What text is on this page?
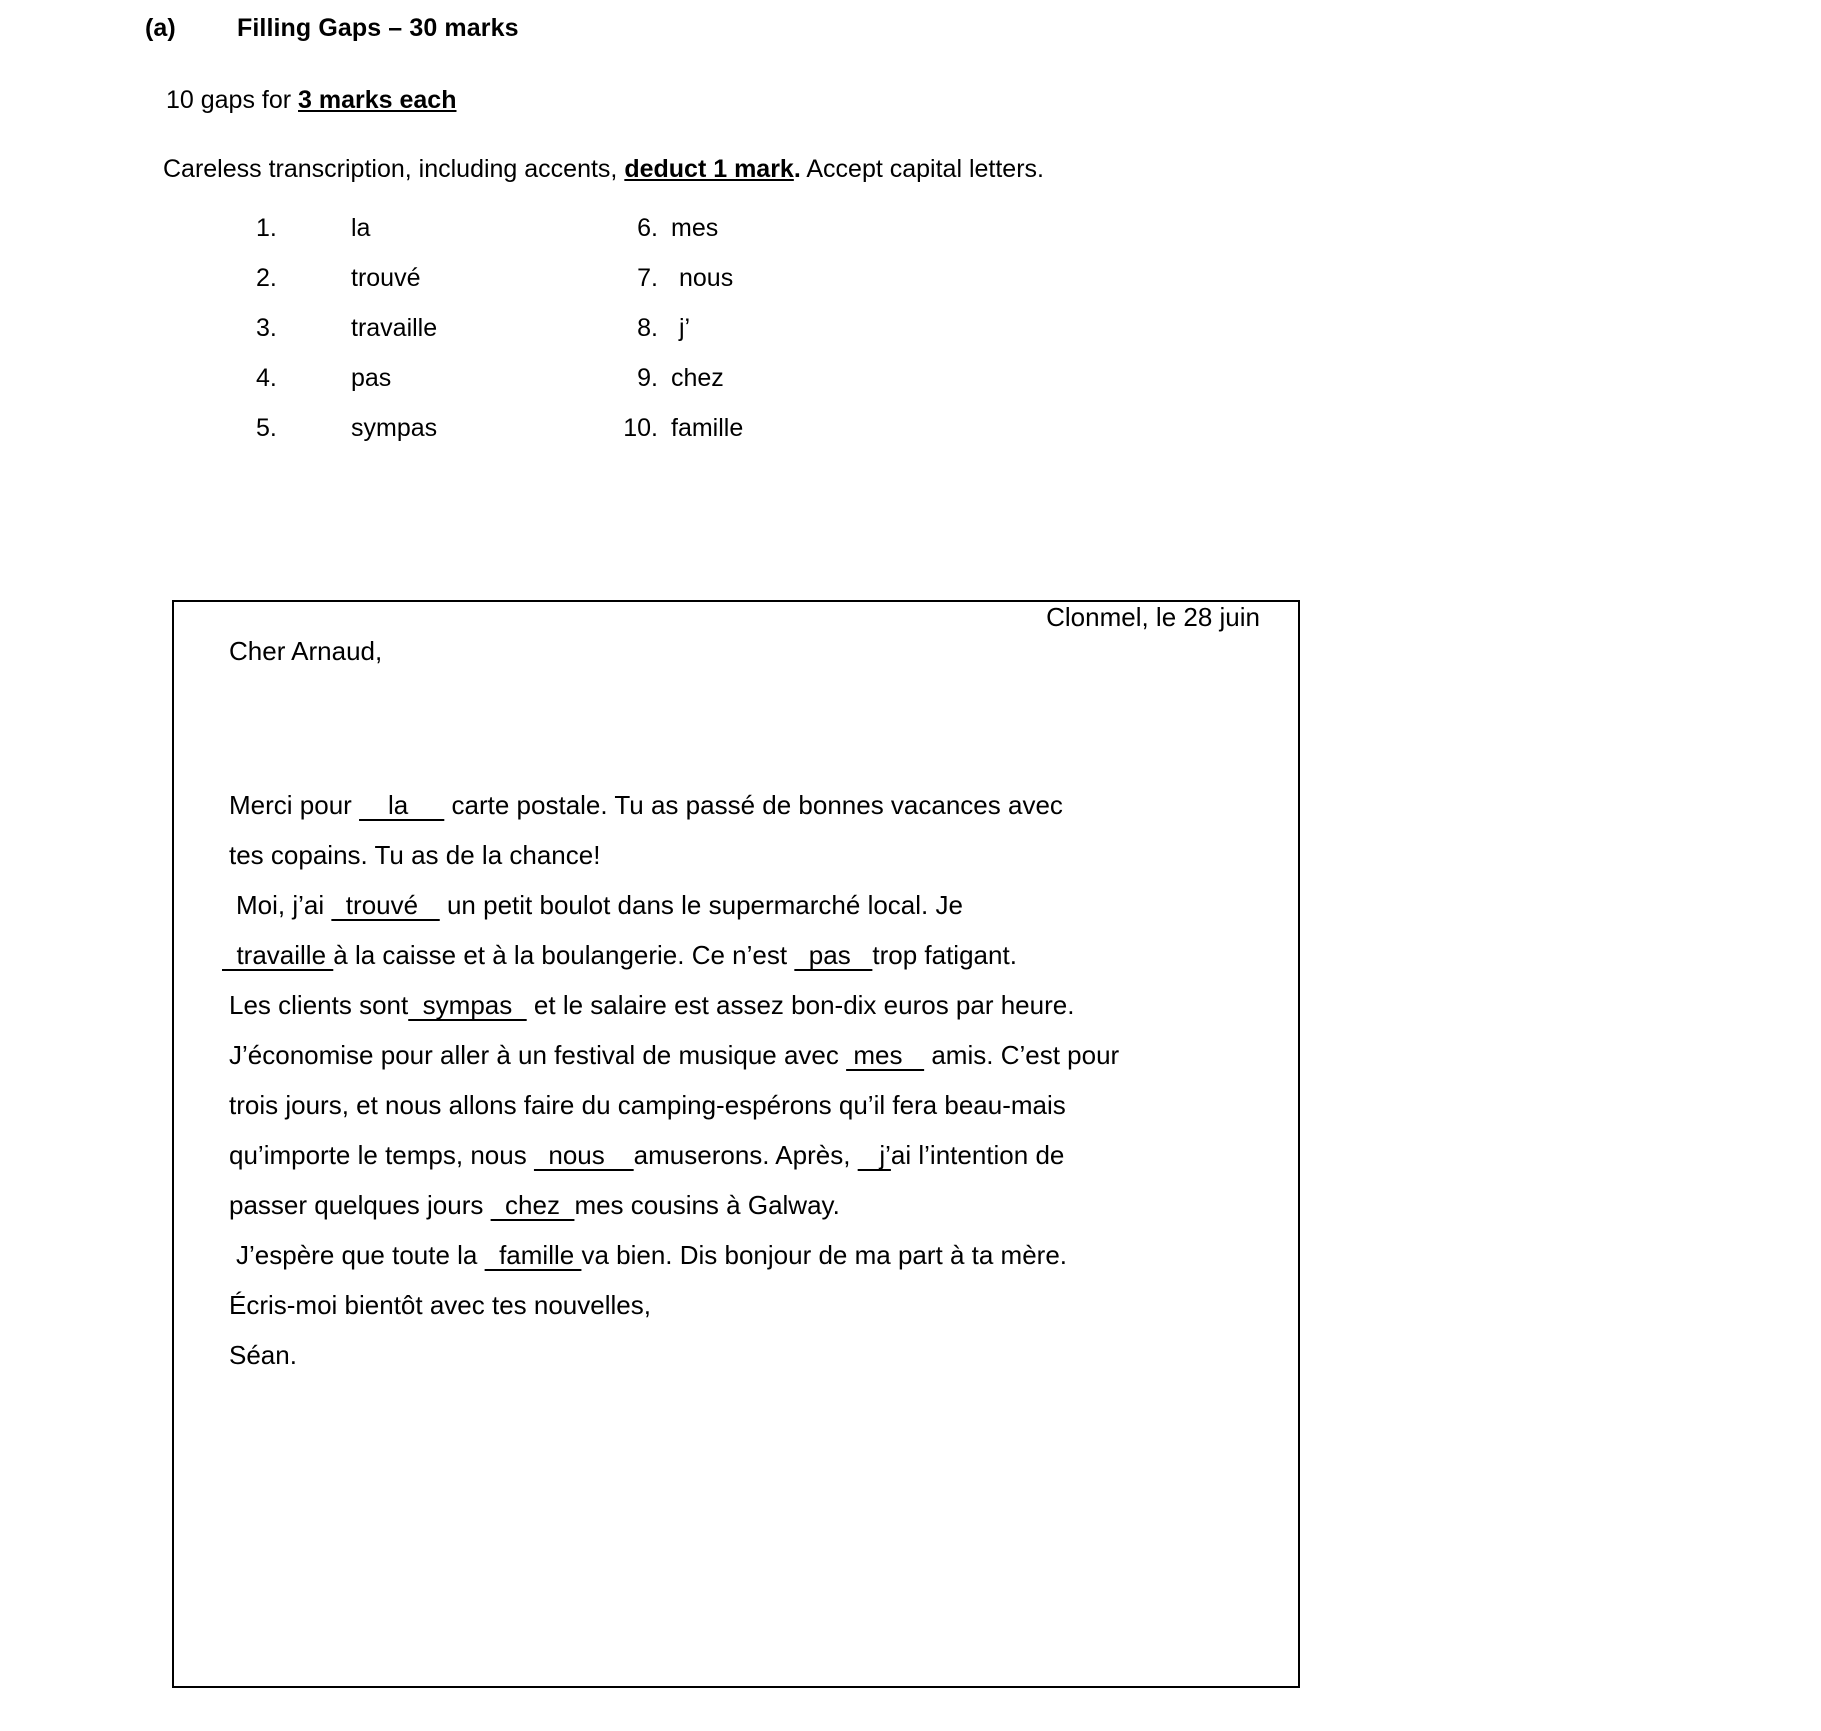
(a) Filling Gaps – 30 marks
10 gaps for 3 marks each
Careless transcription, including accents, deduct 1 mark. Accept capital letters.
1.	la	6. mes
2.	trouvé	7. nous
3.	travaille	8. j’
4.	pas	9. chez
5.	sympas	10. famille
Clonmel, le 28 juin
Cher Arnaud,
Merci pour     la      carte postale. Tu as passé de bonnes vacances avec
tes copains. Tu as de la chance!
Moi, j’ai   trouvé    un petit boulot dans le supermarché local. Je
travaille à la caisse et à la boulangerie. Ce n’est   pas   trop fatigant.
Les clients sont  sympas   et le salaire est assez bon-dix euros par heure.
J’économise pour aller à un festival de musique avec  mes    amis. C’est pour
trois jours, et nous allons faire du camping-espérons qu’il fera beau-mais
qu’importe le temps, nous   nous    amuserons. Après,    j’ai l’intention de
passer quelques jours   chez  mes cousins à Galway.
J’espère que toute la   famille va bien. Dis bonjour de ma part à ta mère.
Écris-moi bientôt avec tes nouvelles,
Séan.
